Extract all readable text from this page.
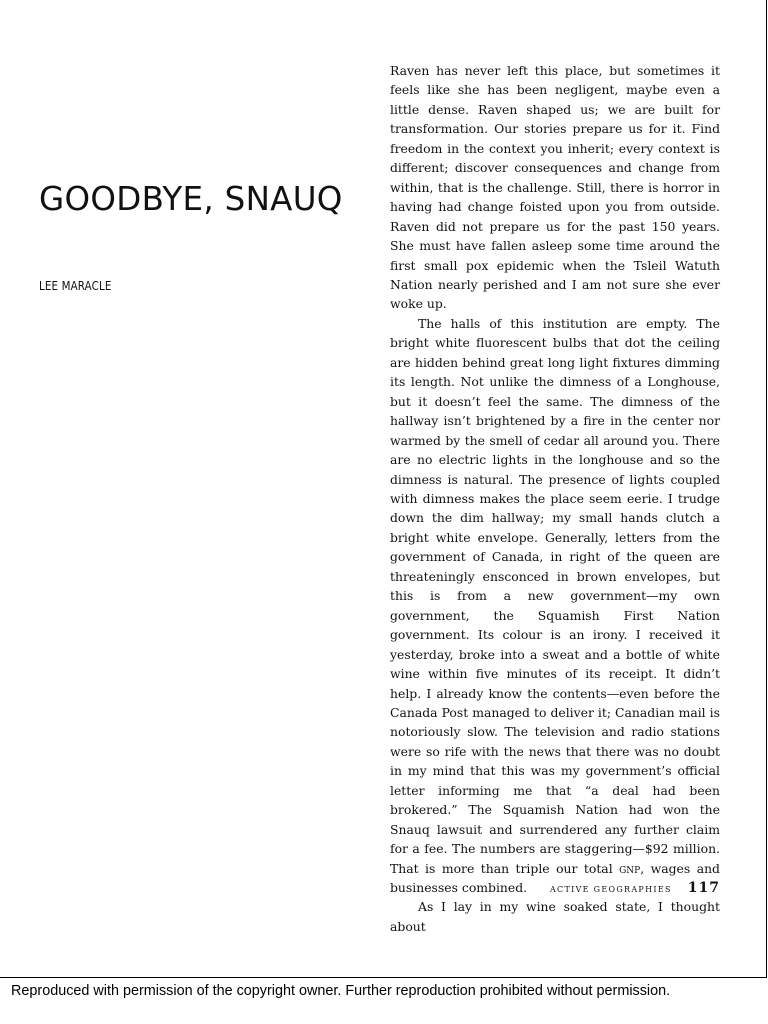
GOODBYE, SNAUQ
LEE MARACLE

Raven has never left this place, but sometimes it feels like she has been negligent, maybe even a little dense. Raven shaped us; we are built for transformation. Our stories prepare us for it. Find freedom in the context you inherit; every context is different; discover consequences and change from within, that is the challenge. Still, there is horror in having had change foisted upon you from outside. Raven did not prepare us for the past 150 years. She must have fallen asleep some time around the first small pox epidemic when the Tsleil Watuth Nation nearly perished and I am not sure she ever woke up.

The halls of this institution are empty. The bright white fluorescent bulbs that dot the ceiling are hidden behind great long light fixtures dimming its length. Not unlike the dimness of a Longhouse, but it doesn’t feel the same. The dimness of the hallway isn’t brightened by a fire in the center nor warmed by the smell of cedar all around you. There are no electric lights in the longhouse and so the dimness is natural. The presence of lights coupled with dimness makes the place seem eerie. I trudge down the dim hallway; my small hands clutch a bright white envelope. Generally, letters from the government of Canada, in right of the queen are threateningly ensconced in brown envelopes, but this is from a new government—my own government, the Squamish First Nation government. Its colour is an irony. I received it yesterday, broke into a sweat and a bottle of white wine within five minutes of its receipt. It didn’t help. I already know the contents—even before the Canada Post managed to deliver it; Canadian mail is notoriously slow. The television and radio stations were so rife with the news that there was no doubt in my mind that this was my government’s official letter informing me that “a deal had been brokered.” The Squamish Nation had won the Snauq lawsuit and surrendered any further claim for a fee. The numbers are staggering—$92 million. That is more than triple our total gnp, wages and businesses combined.

As I lay in my wine soaked state, I thought about

ACTIVE GEOGRAPHIES 117
Reproduced with permission of the copyright owner. Further reproduction prohibited without permission.
